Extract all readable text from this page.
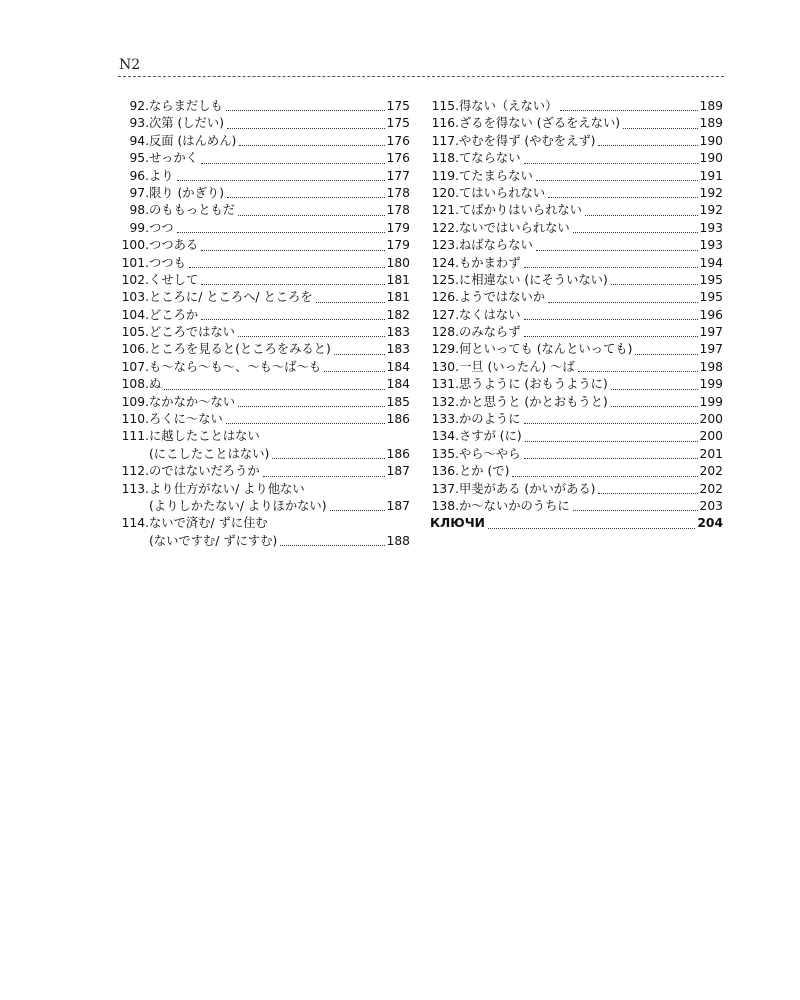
N2
92. ならまだしも	175
93. 次第 (しだい)	175
94. 反面 (はんめん)	176
95. せっかく	176
96. より	177
97. 限り (かぎり)	178
98. のももっともだ	178
99. つつ	179
100. つつある	179
101. つつも	180
102. くせして	181
103. ところに/ ところへ/ ところを	181
104. どころか	182
105. どころではない	183
106. ところを見ると(ところをみると)	183
107. も～なら～も～、～も～ば～も	184
108. ぬ	184
109. なかなか～ない	185
110. ろくに～ない	186
111. に越したことはない
(にこしたことはない)	186
112. のではないだろうか	187
113. より仕方がない/ より他ない
(よりしかたない/ よりほかない)	187
114. ないで済む/ ずに住む
(ないですむ/ ずにすむ)	188
115. 得ない（えない）	189
116. ざるを得ない (ざるをえない)	189
117. やむを得ず (やむをえず)	190
118. てならない	190
119. てたまらない	191
120. てはいられない	192
121. てばかりはいられない	192
122. ないではいられない	193
123. ねばならない	193
124. もかまわず	194
125. に相違ない (にそういない)	195
126. ようではないか	195
127. なくはない	196
128. のみならず	197
129. 何といっても (なんといっても)	197
130. 一旦 (いったん) ～ば	198
131. 思うように (おもうように)	199
132. かと思うと (かとおもうと)	199
133. かのように	200
134. さすが (に)	200
135. やら～やら	201
136. とか (で)	202
137. 甲斐がある (かいがある)	202
138. か～ないかのうちに	203
КЛЮЧИ	204
